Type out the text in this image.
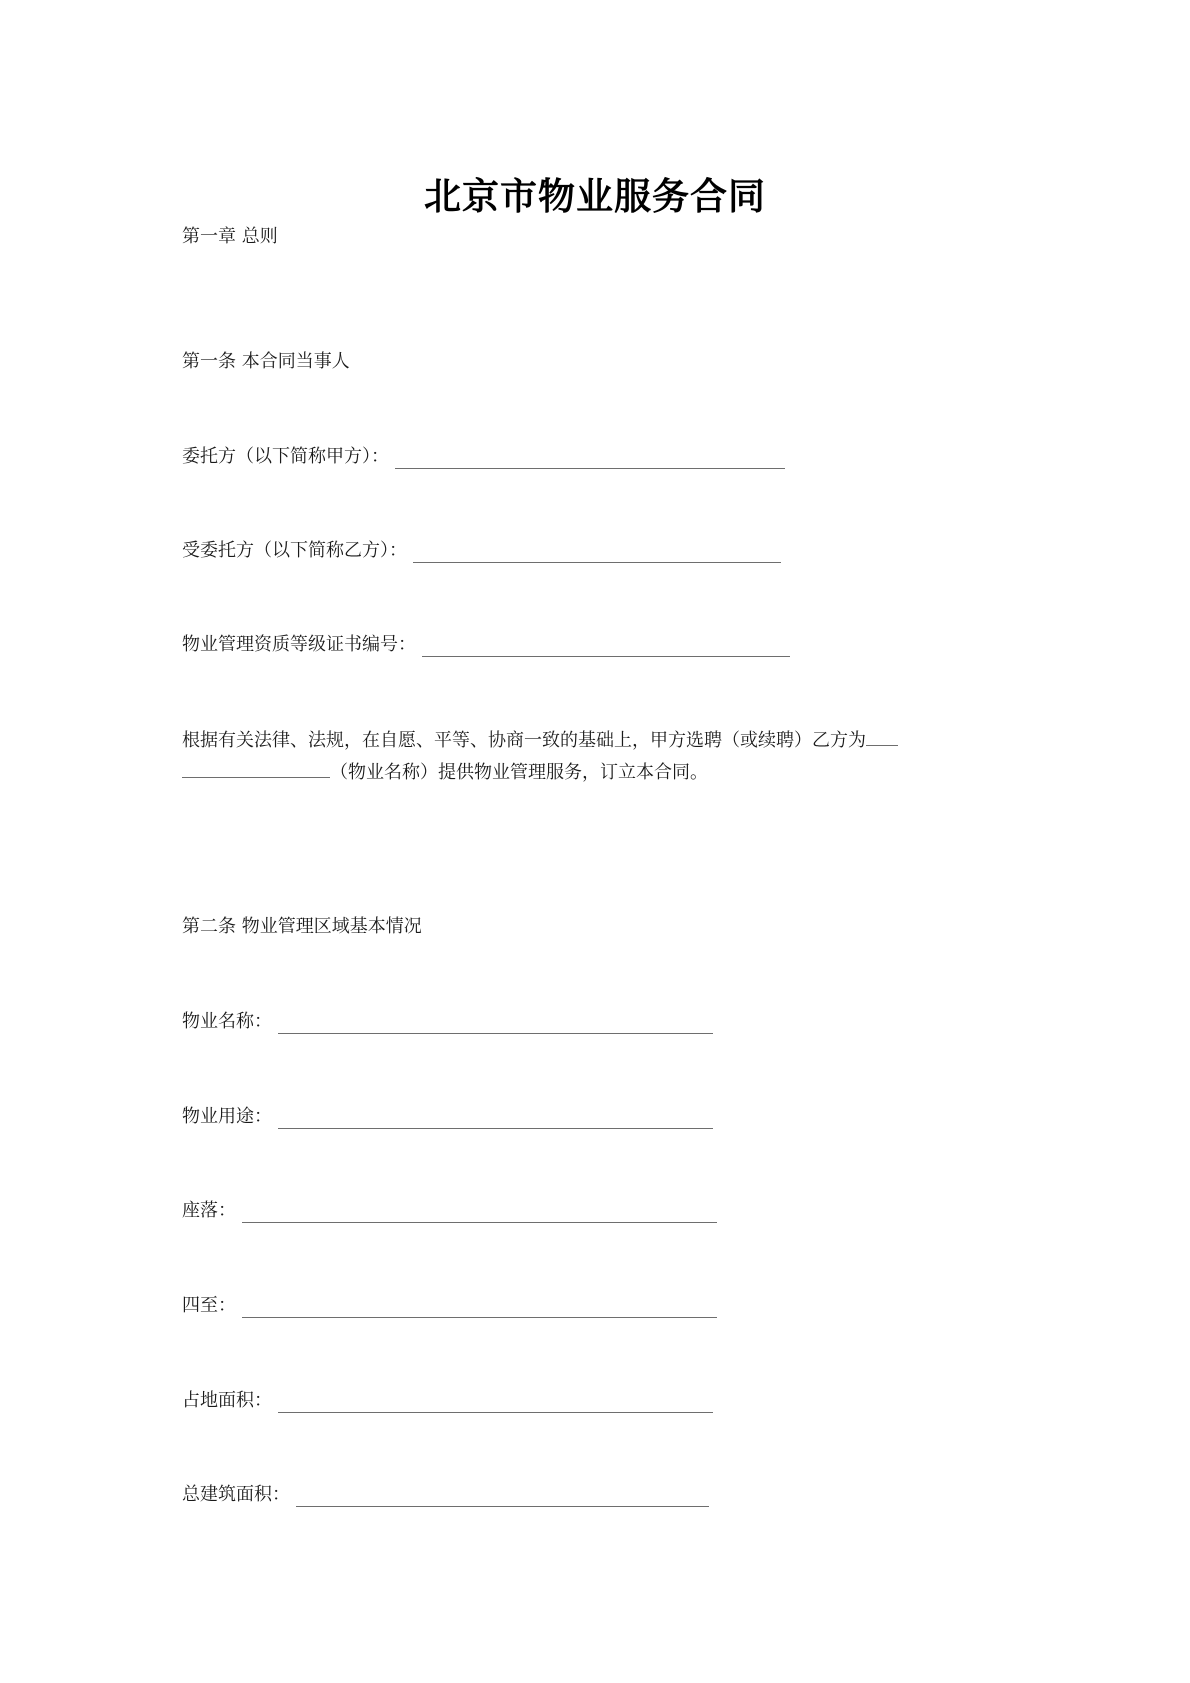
北京市物业服务合同
第一章 总则
第一条 本合同当事人
委托方（以下简称甲方）：
受委托方（以下简称乙方）：
物业管理资质等级证书编号：
根据有关法律、法规，在自愿、平等、协商一致的基础上，甲方选聘（或续聘）乙方为
（物业名称）提供物业管理服务，订立本合同。
第二条 物业管理区域基本情况
物业名称：
物业用途：
座落：
四至：
占地面积：
总建筑面积：
